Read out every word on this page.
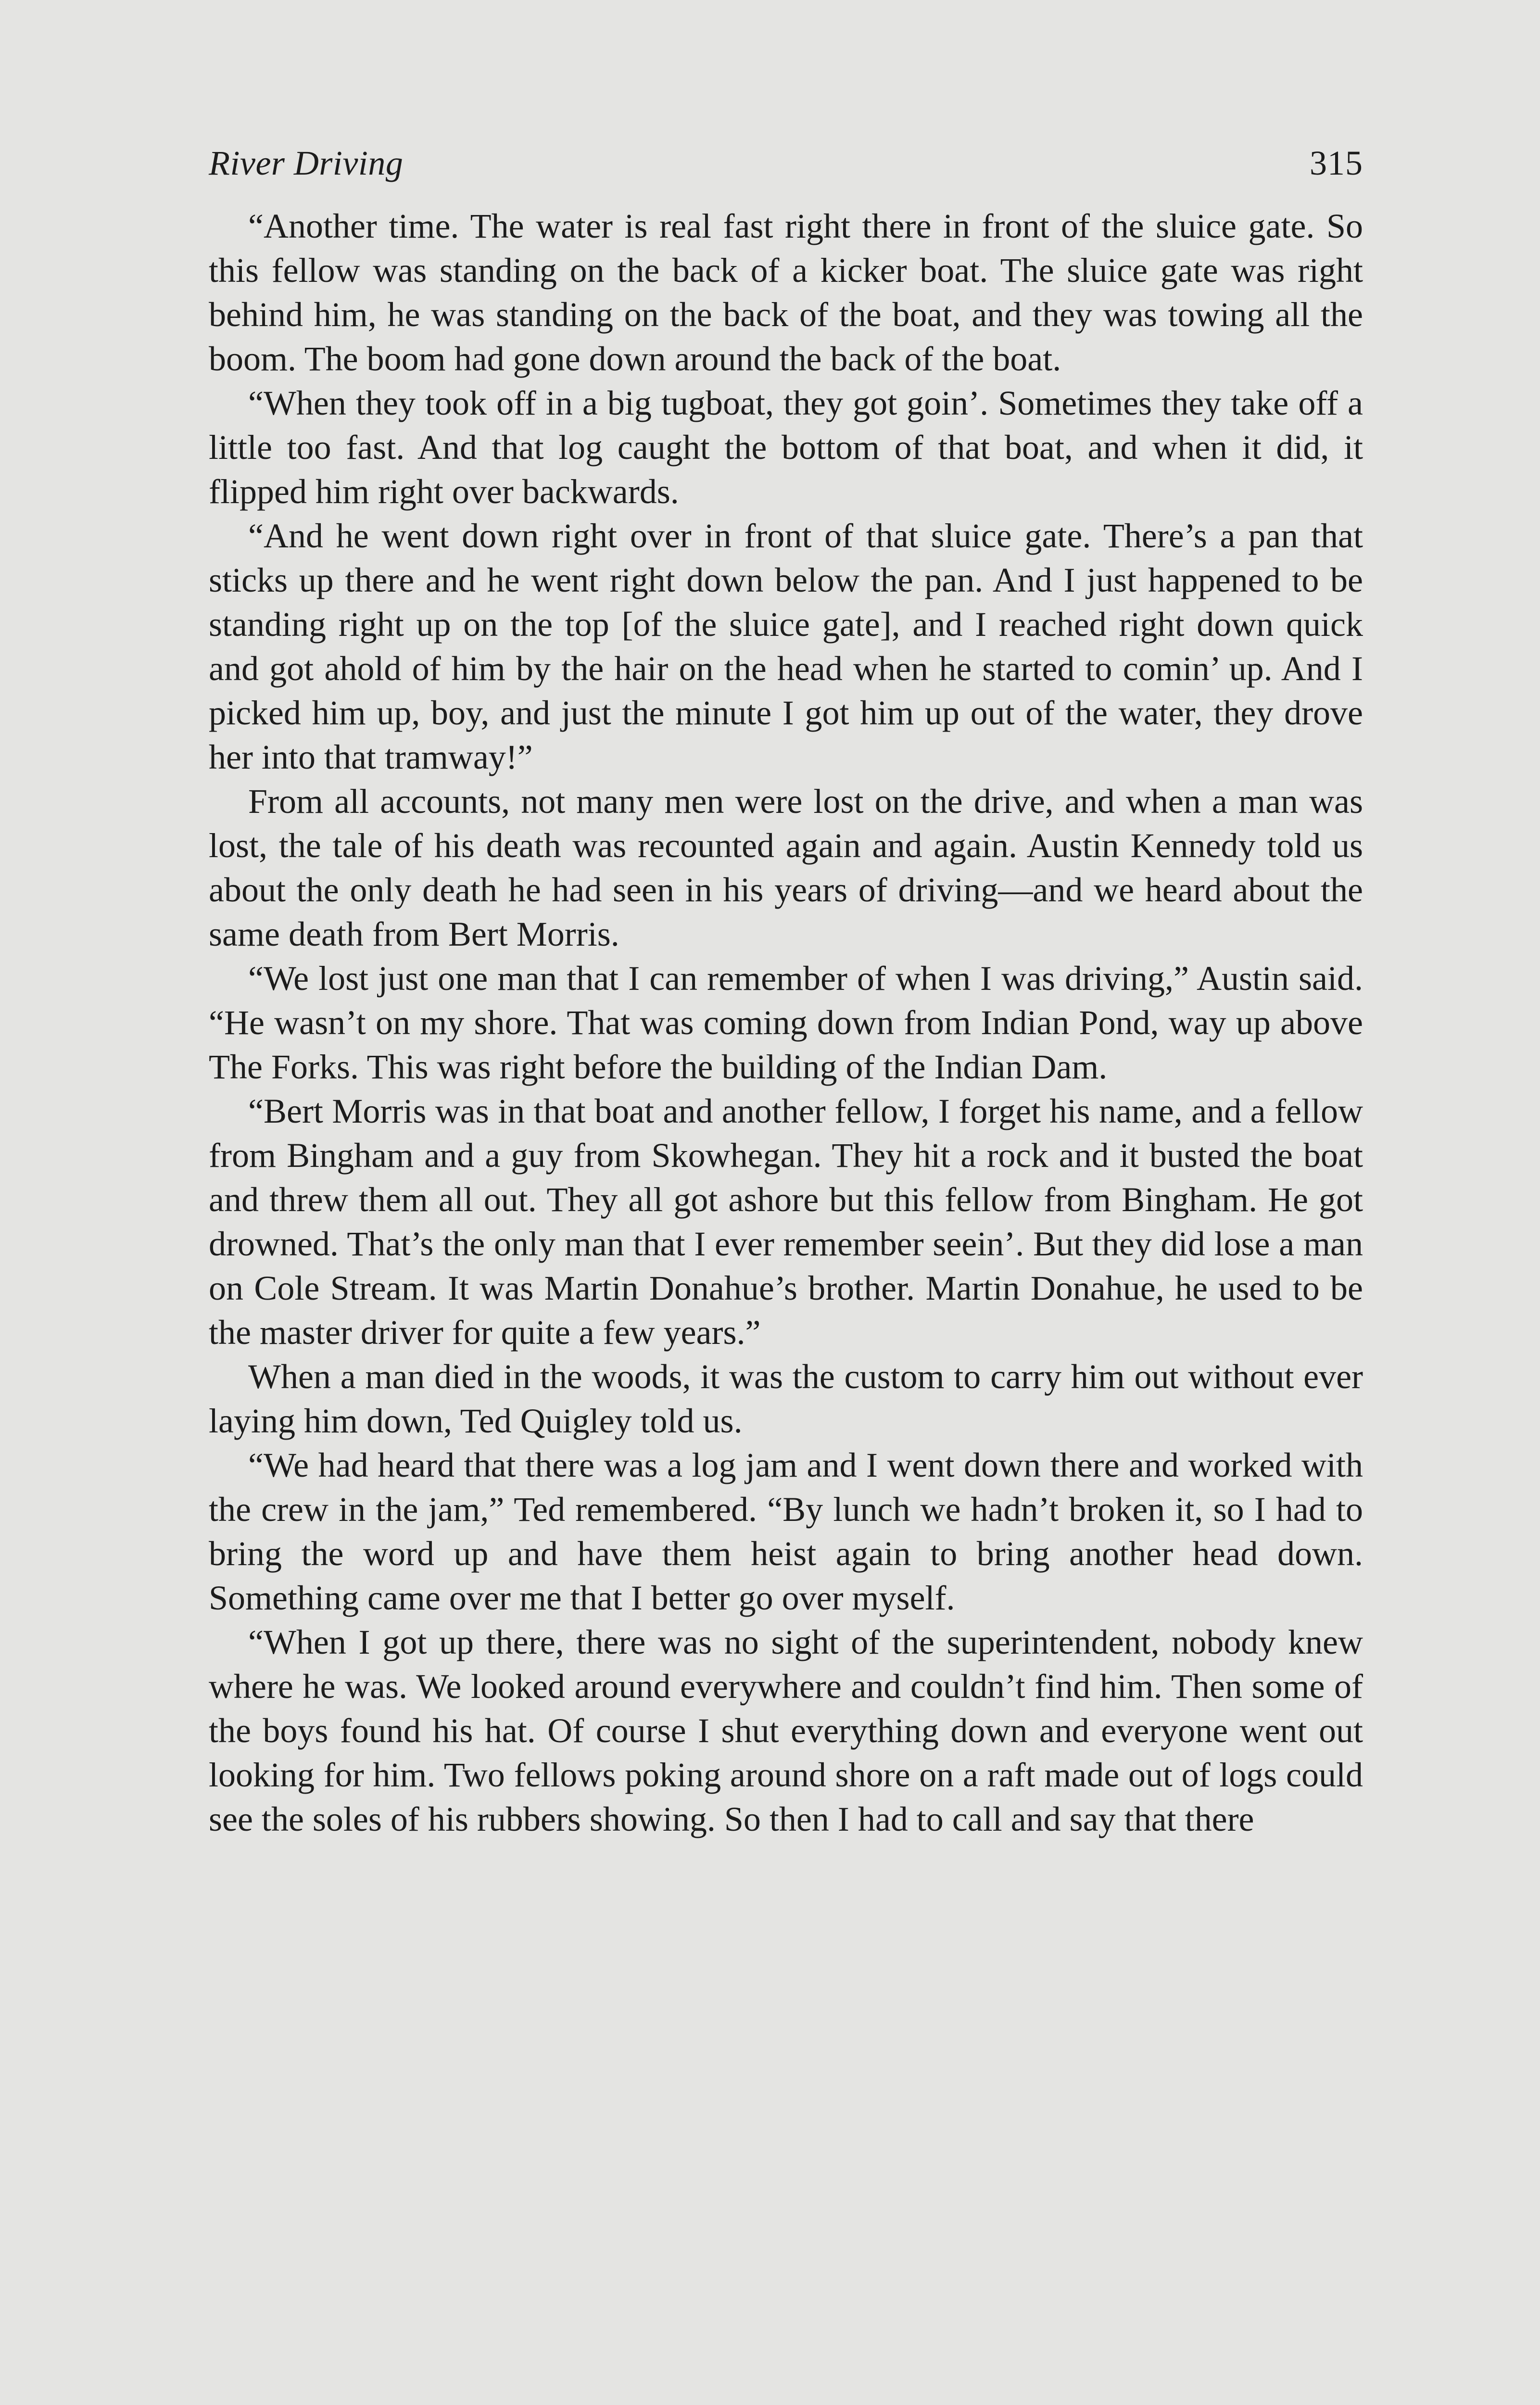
River Driving	315

“Another time. The water is real fast right there in front of the sluice gate. So this fellow was standing on the back of a kicker boat. The sluice gate was right behind him, he was standing on the back of the boat, and they was towing all the boom. The boom had gone down around the back of the boat.

“When they took off in a big tugboat, they got goin’. Sometimes they take off a little too fast. And that log caught the bottom of that boat, and when it did, it flipped him right over backwards.

“And he went down right over in front of that sluice gate. There’s a pan that sticks up there and he went right down below the pan. And I just happened to be standing right up on the top [of the sluice gate], and I reached right down quick and got ahold of him by the hair on the head when he started to comin’ up. And I picked him up, boy, and just the minute I got him up out of the water, they drove her into that tramway!”

From all accounts, not many men were lost on the drive, and when a man was lost, the tale of his death was recounted again and again. Austin Kennedy told us about the only death he had seen in his years of driving—and we heard about the same death from Bert Morris.

“We lost just one man that I can remember of when I was driving,” Austin said. “He wasn’t on my shore. That was coming down from Indian Pond, way up above The Forks. This was right before the building of the Indian Dam.

“Bert Morris was in that boat and another fellow, I forget his name, and a fellow from Bingham and a guy from Skowhegan. They hit a rock and it busted the boat and threw them all out. They all got ashore but this fellow from Bingham. He got drowned. That’s the only man that I ever remember seein’. But they did lose a man on Cole Stream. It was Martin Donahue’s brother. Martin Donahue, he used to be the master driver for quite a few years.”

When a man died in the woods, it was the custom to carry him out without ever laying him down, Ted Quigley told us.

“We had heard that there was a log jam and I went down there and worked with the crew in the jam,” Ted remembered. “By lunch we hadn’t broken it, so I had to bring the word up and have them heist again to bring another head down. Something came over me that I better go over myself.

“When I got up there, there was no sight of the superintendent, nobody knew where he was. We looked around everywhere and couldn’t find him. Then some of the boys found his hat. Of course I shut everything down and everyone went out looking for him. Two fellows poking around shore on a raft made out of logs could see the soles of his rubbers showing. So then I had to call and say that there
